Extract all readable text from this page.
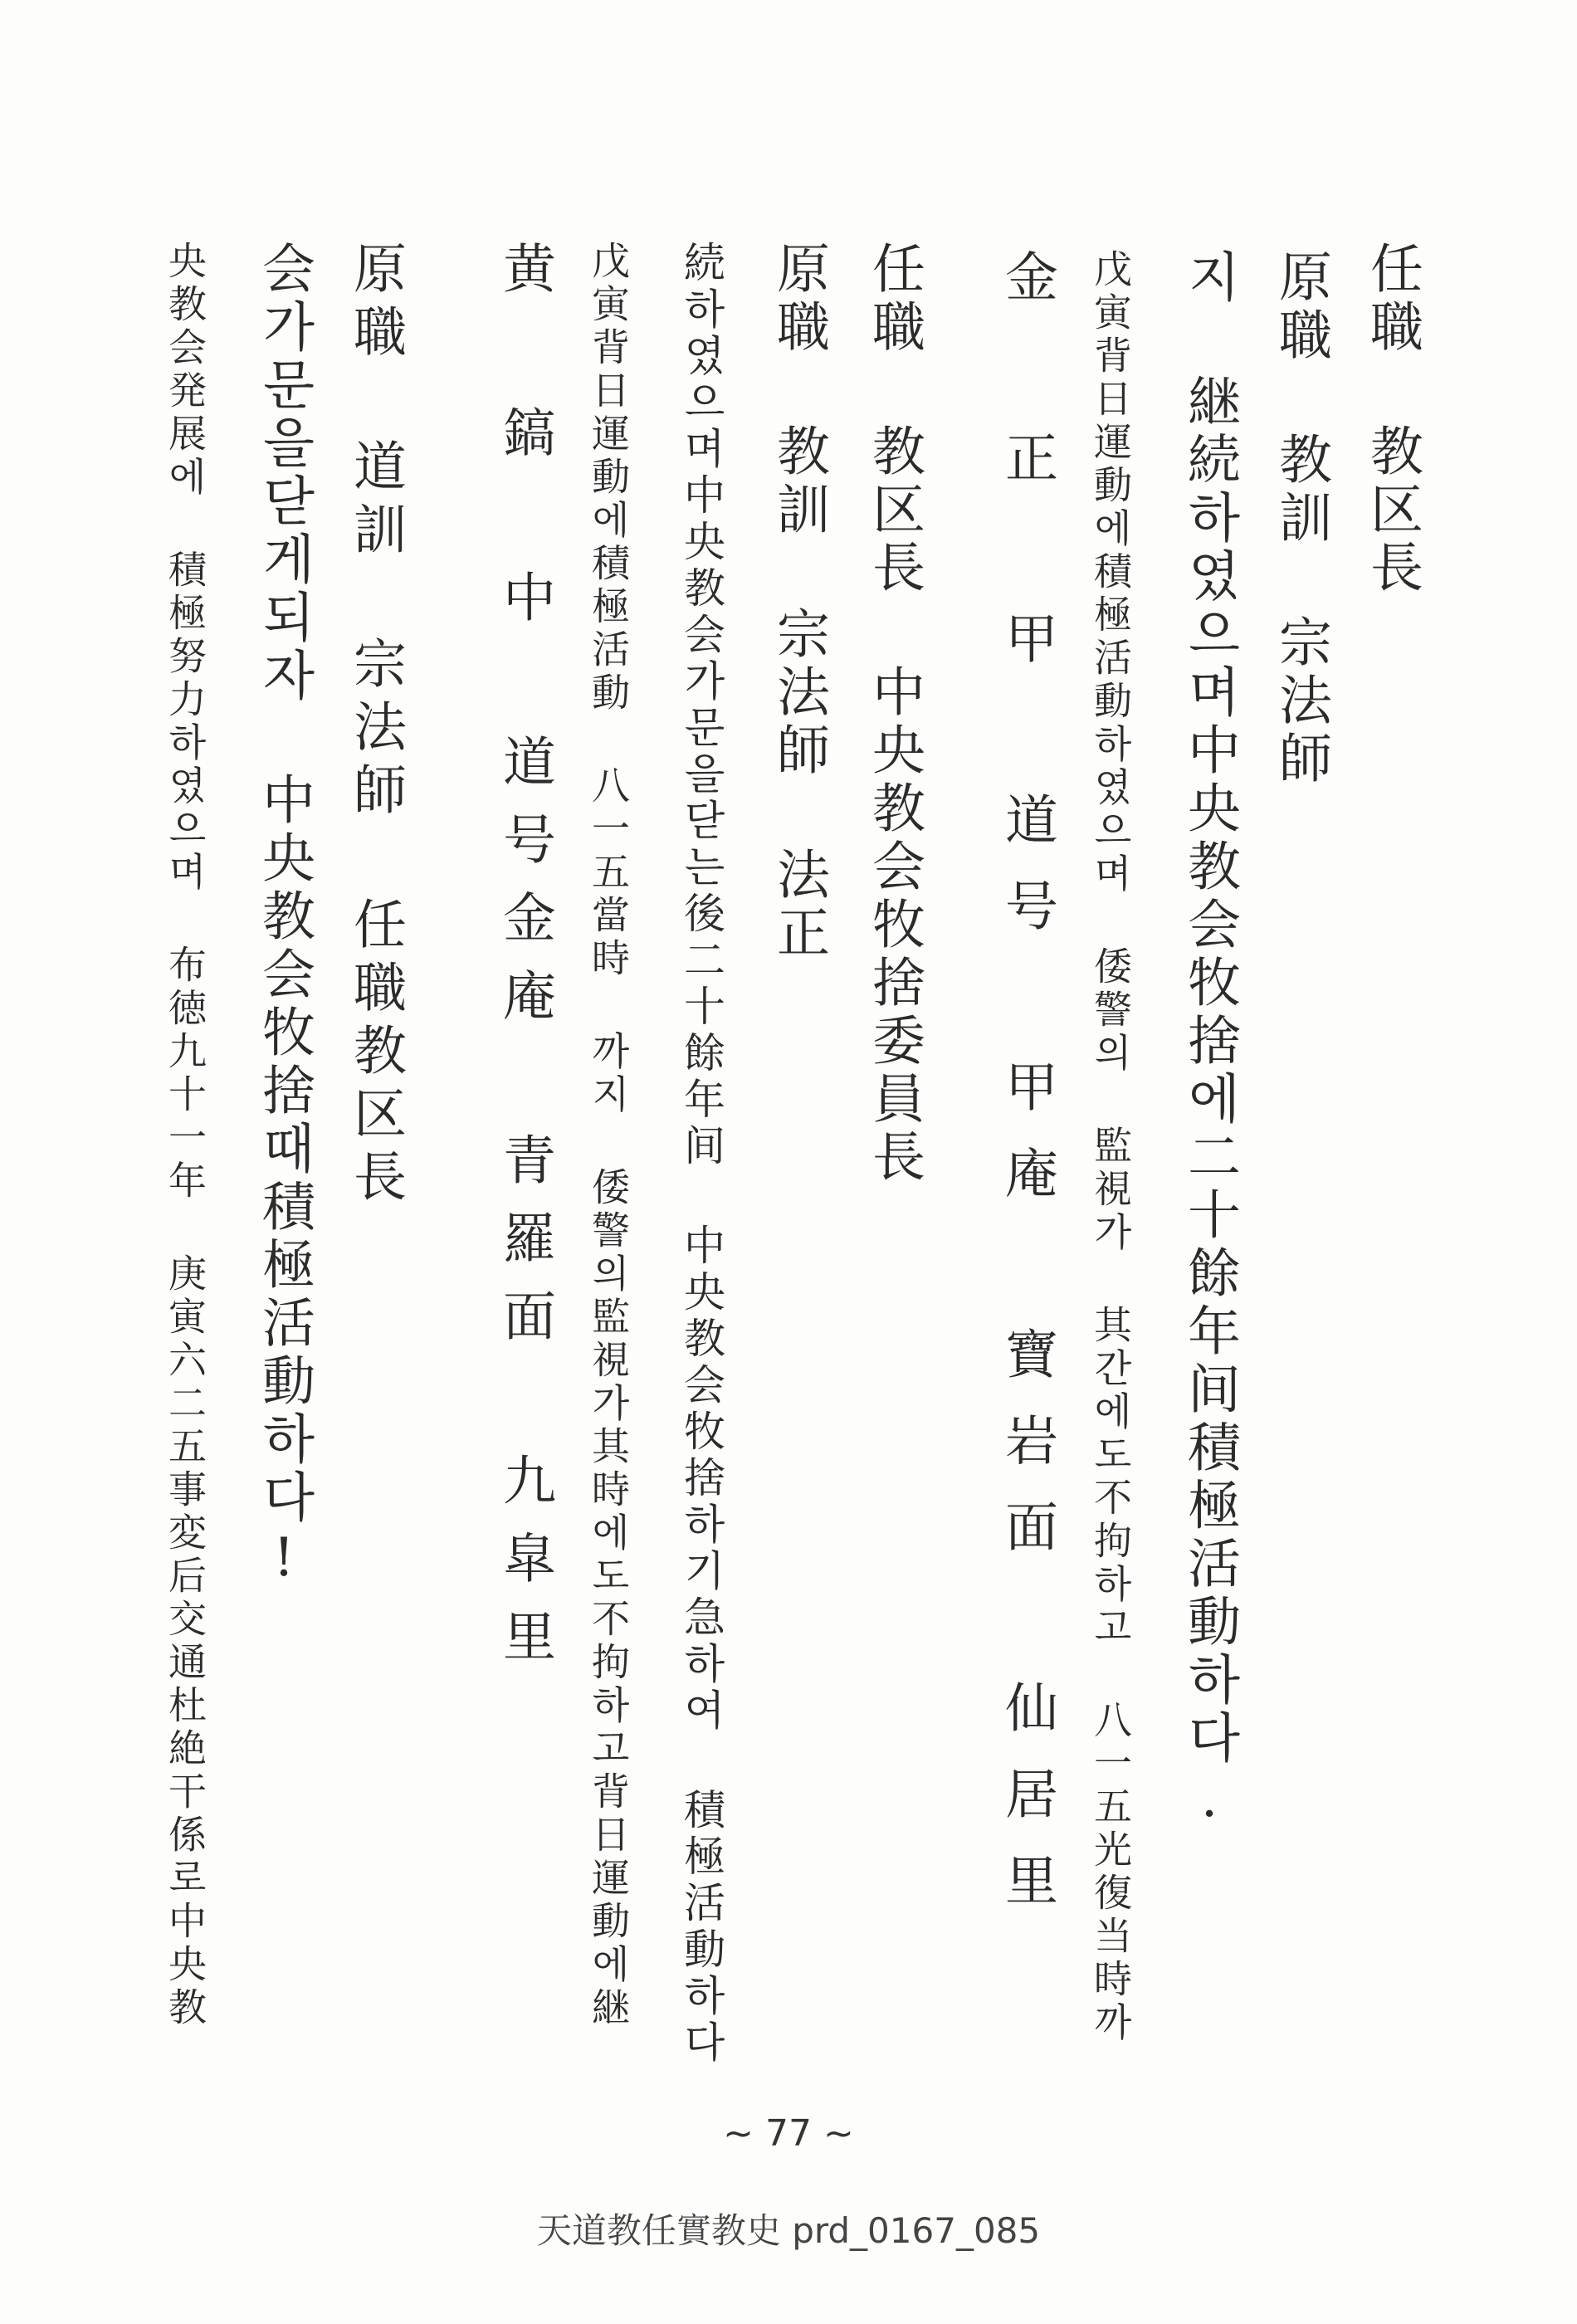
任職 教区長
原職 教訓 宗法師
지 継続하였으며中央教会牧捨에二十餘年间積極活動하다.
戊寅背日運動에積極活動하였으며 倭警의 監視가 其간에도不拘하고 八一五光復当時까
金 正 甲 道号 甲庵 寶岩面 仙居里
任職 教区長 中央教会牧捨委員長
原職 教訓 宗法師 法正
続하였으며中央教会가문을닫는後二十餘年间 中央教会牧捨하기急하여 積極活動하다
戊寅背日運動에積極活動 八一五當時 까지 倭警의監視가其時에도不拘하고背日運動에継
黄 鎬 中 道号金庵 青羅面 九皐里
原職 道訓 宗法師 任職教区長
会가문을닫게되자 中央教会牧捨때積極活動하다!
央教会発展에 積極努力하였으며 布徳九十一年 庚寅六二五事変后交通杜絶干係로中央教
~ 77 ~
天道教任實教史 prd_0167_085
